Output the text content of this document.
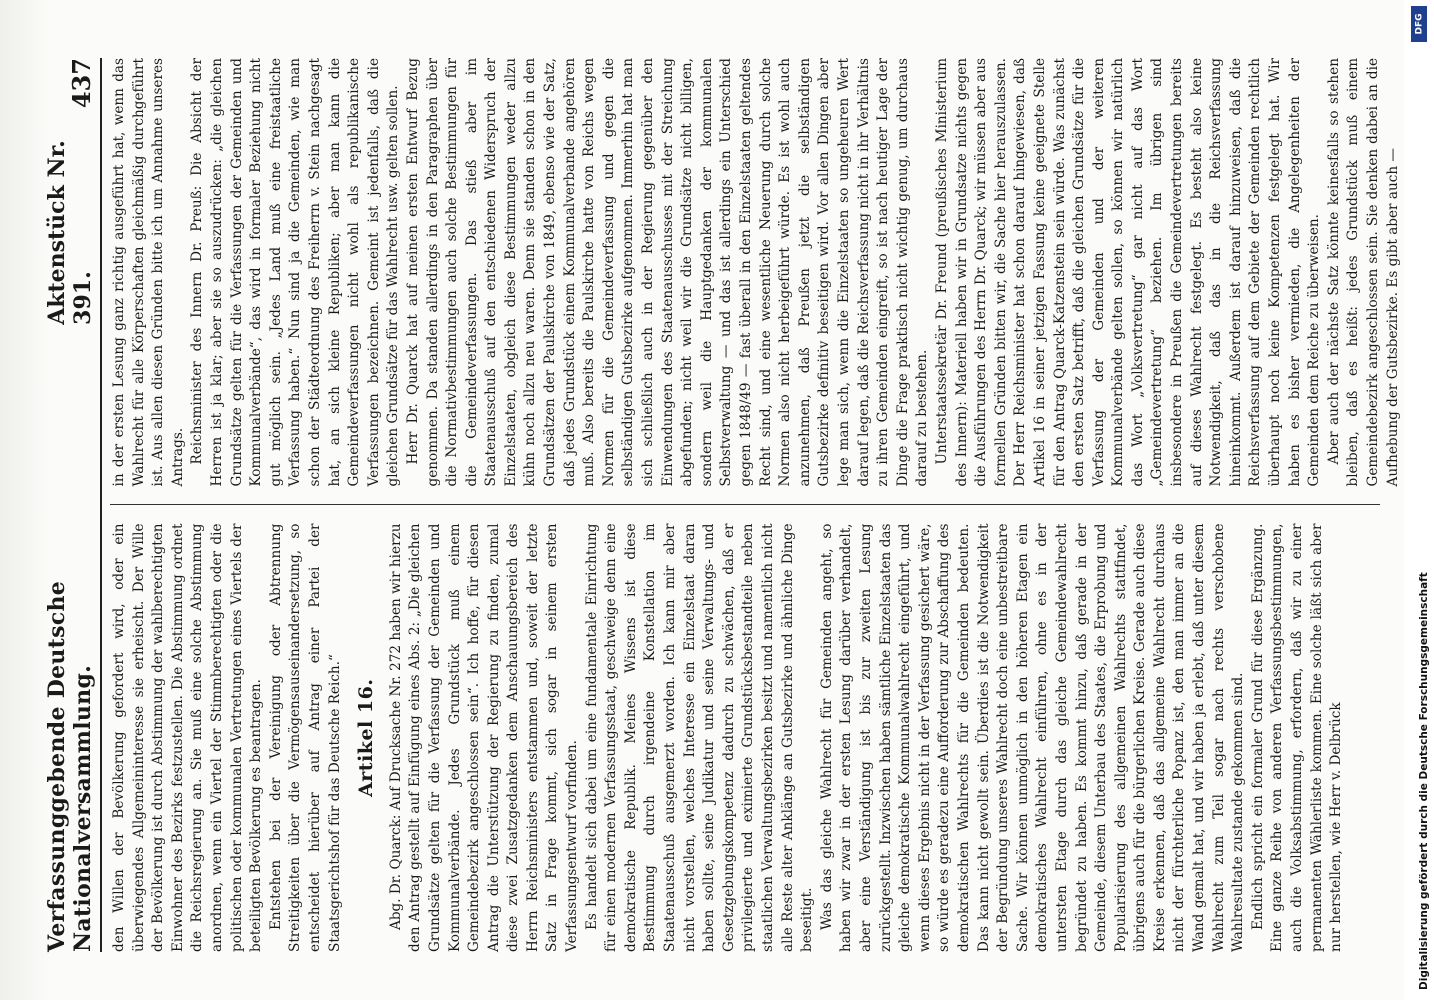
Verfassunggebende Deutsche Nationalversammlung.
Aktenstück Nr. 391.
437

den Willen der Bevölkerung gefordert wird, oder ein überwiegendes Allgemeininteresse sie erheischt. Der Wille der Bevölkerung ist durch Abstimmung der wahlberechtigten Einwohner des Bezirks festzustellen. Die Abstimmung ordnet die Reichsregierung an. Sie muß eine solche Abstimmung anordnen, wenn ein Viertel der Stimmberechtigten oder die politischen oder kommunalen Vertretungen eines Viertels der beteiligten Bevölkerung es beantragen. Entstehen bei der Vereinigung oder Abtrennung Streitigkeiten über die Vermögensauseinandersetzung, so entscheidet hierüber auf Antrag einer Partei der Staatsgerichtshof für das Deutsche Reich.“ Artikel 16. Abg. Dr. Quarck: Auf Drucksache Nr. 272 haben wir hierzu den Antrag gestellt auf Einfügung eines Abs. 2: „Die gleichen Grundsätze gelten für die Verfassung der Gemeinden und Kommunalverbände. Jedes Grundstück muß einem Gemeindebezirk angeschlossen sein“. Ich hoffe, für diesen Antrag die Unterstützung der Regierung zu finden, zumal diese zwei Zusatzgedanken dem Anschauungsbereich des Herrn Reichsministers entstammen und, soweit der letzte Satz in Frage kommt, sich sogar in seinem ersten Verfassungsentwurf vorfinden. Es handelt sich dabei um eine fundamentale Einrichtung für einen modernen Verfassungsstaat, geschweige denn eine demokratische Republik. Meines Wissens ist diese Bestimmung durch irgendeine Konstellation im Staatenausschuß ausgemerzt worden. Ich kann mir aber nicht vorstellen, welches Interesse ein Einzelstaat daran haben sollte, seine Judikatur und seine Verwaltungs- und Gesetzgebungskompetenz dadurch zu schwächen, daß er privilegierte und eximierte Grundstücksbestandteile neben staatlichen Verwaltungsbezirken besitzt und namentlich nicht alle Reste alter Anklänge an Gutsbezirke und ähnliche Dinge beseitigt. Was das gleiche Wahlrecht für Gemeinden angeht, so haben wir zwar in der ersten Lesung darüber verhandelt, aber eine Verständigung ist bis zur zweiten Lesung zurückgestellt. Inzwischen haben sämtliche Einzelstaaten das gleiche demokratische Kommunalwahlrecht eingeführt, und wenn dieses Ergebnis nicht in der Verfassung gesichert wäre, so würde es geradezu eine Aufforderung zur Abschaffung des demokratischen Wahlrechts für die Gemeinden bedeuten. Das kann nicht gewollt sein. Überdies ist die Notwendigkeit der Begründung unseres Wahlrecht doch eine unbestreitbare Sache. Wir können unmöglich in den höheren Etagen ein demokratisches Wahlrecht einführen, ohne es in der untersten Etage durch das gleiche Gemeindewahlrecht begründet zu haben. Es kommt hinzu, daß gerade in der Gemeinde, diesem Unterbau des Staates, die Erprobung und Popularisierung des allgemeinen Wahlrechts stattfindet, übrigens auch für die bürgerlichen Kreise. Gerade auch diese Kreise erkennen, daß das allgemeine Wahlrecht durchaus nicht der fürchterliche Popanz ist, den man immer an die Wand gemalt hat, und wir haben ja erlebt, daß unter diesem Wahlrecht zum Teil sogar nach rechts verschobene Wahlresultate zustande gekommen sind. Endlich spricht ein formaler Grund für diese Ergänzung. Eine ganze Reihe von anderen Verfassungsbestimmungen, auch die Volksabstimmung, erfordern, daß wir zu einer permanenten Wählerliste kommen. Eine solche läßt sich aber nur herstellen, wie Herr v. Delbrück

in der ersten Lesung ganz richtig ausgeführt hat, wenn das Wahlrecht für alle Körperschaften gleichmäßig durchgeführt ist. Aus allen diesen Gründen bitte ich um Annahme unseres Antrags. Reichsminister des Innern Dr. Preuß: Die Absicht der Herren ist ja klar; aber sie so auszudrücken: „die gleichen Grundsätze gelten für die Verfassungen der Gemeinden und Kommunalverbände“, das wird in formaler Beziehung nicht gut möglich sein. „Jedes Land muß eine freistaatliche Verfassung haben.“ Nun sind ja die Gemeinden, wie man schon der Städteordnung des Freiherrn v. Stein nachgesagt hat, an sich kleine Republiken; aber man kann die Gemeindeverfassungen nicht wohl als republikanische Verfassungen bezeichnen. Gemeint ist jedenfalls, daß die gleichen Grundsätze für das Wahlrecht usw. gelten sollen. Herr Dr. Quarck hat auf meinen ersten Entwurf Bezug genommen. Da standen allerdings in den Paragraphen über die Normativbestimmungen auch solche Bestimmungen für die Gemeindeverfassungen. Das stieß aber im Staatenausschuß auf den entschiedenen Widerspruch der Einzelstaaten, obgleich diese Bestimmungen weder allzu kühn noch allzu neu waren. Denn sie standen schon in den Grundsätzen der Paulskirche von 1849, ebenso wie der Satz, daß jedes Grundstück einem Kommunalverbande angehören muß. Also bereits die Paulskirche hatte von Reichs wegen Normen für die Gemeindeverfassung und gegen die selbständigen Gutsbezirke aufgenommen. Immerhin hat man sich schließlich auch in der Regierung gegenüber den Einwendungen des Staatenausschusses mit der Streichung abgefunden; nicht weil wir die Grundsätze nicht billigen, sondern weil die Hauptgedanken der kommunalen Selbstverwaltung — und das ist allerdings ein Unterschied gegen 1848/49 — fast überall in den Einzelstaaten geltendes Recht sind, und eine wesentliche Neuerung durch solche Normen also nicht herbeigeführt würde. Es ist wohl auch anzunehmen, daß Preußen jetzt die selbständigen Gutsbezirke definitiv beseitigen wird. Vor allen Dingen aber lege man sich, wenn die Einzelstaaten so ungeheuren Wert darauf legen, daß die Reichsverfassung nicht in ihr Verhältnis zu ihren Gemeinden eingreift, so ist nach heutiger Lage der Dinge die Frage praktisch nicht wichtig genug, um durchaus darauf zu bestehen. Unterstaatssekretär Dr. Freund (preußisches Ministerium des Innern): Materiell haben wir in Grundsatze nichts gegen die Ausführungen des Herrn Dr. Quarck; wir müssen aber aus formellen Gründen bitten wir, die Sache hier herauszulassen. Der Herr Reichsminister hat schon darauf hingewiesen, daß Artikel 16 in seiner jetzigen Fassung keine geeignete Stelle für den Antrag Quarck-Katzenstein sein würde. Was zunächst den ersten Satz betrifft, daß die gleichen Grundsätze für die Verfassung der Gemeinden und der weiteren Kommunalverbände gelten sollen, so können wir natürlich das Wort „Volksvertretung“ gar nicht auf das Wort „Gemeindevertretung“ beziehen. Im übrigen sind insbesondere in Preußen die Gemeindevertretungen bereits auf dieses Wahlrecht festgelegt. Es besteht also keine Notwendigkeit, daß das in die Reichsverfassung hineinkommt. Außerdem ist darauf hinzuweisen, daß die Reichsverfassung auf dem Gebiete der Gemeinden rechtlich überhaupt noch keine Kompetenzen festgelegt hat. Wir haben es bisher vermieden, die Angelegenheiten der Gemeinden dem Reiche zu überweisen. Aber auch der nächste Satz könnte keinesfalls so stehen bleiben, daß es heißt: jedes Grundstück muß einem Gemeindebezirk angeschlossen sein. Sie denken dabei an die Aufhebung der Gutsbezirke. Es gibt aber auch —

DFG
Digitalisierung gefördert durch die Deutsche Forschungsgemeinschaft
